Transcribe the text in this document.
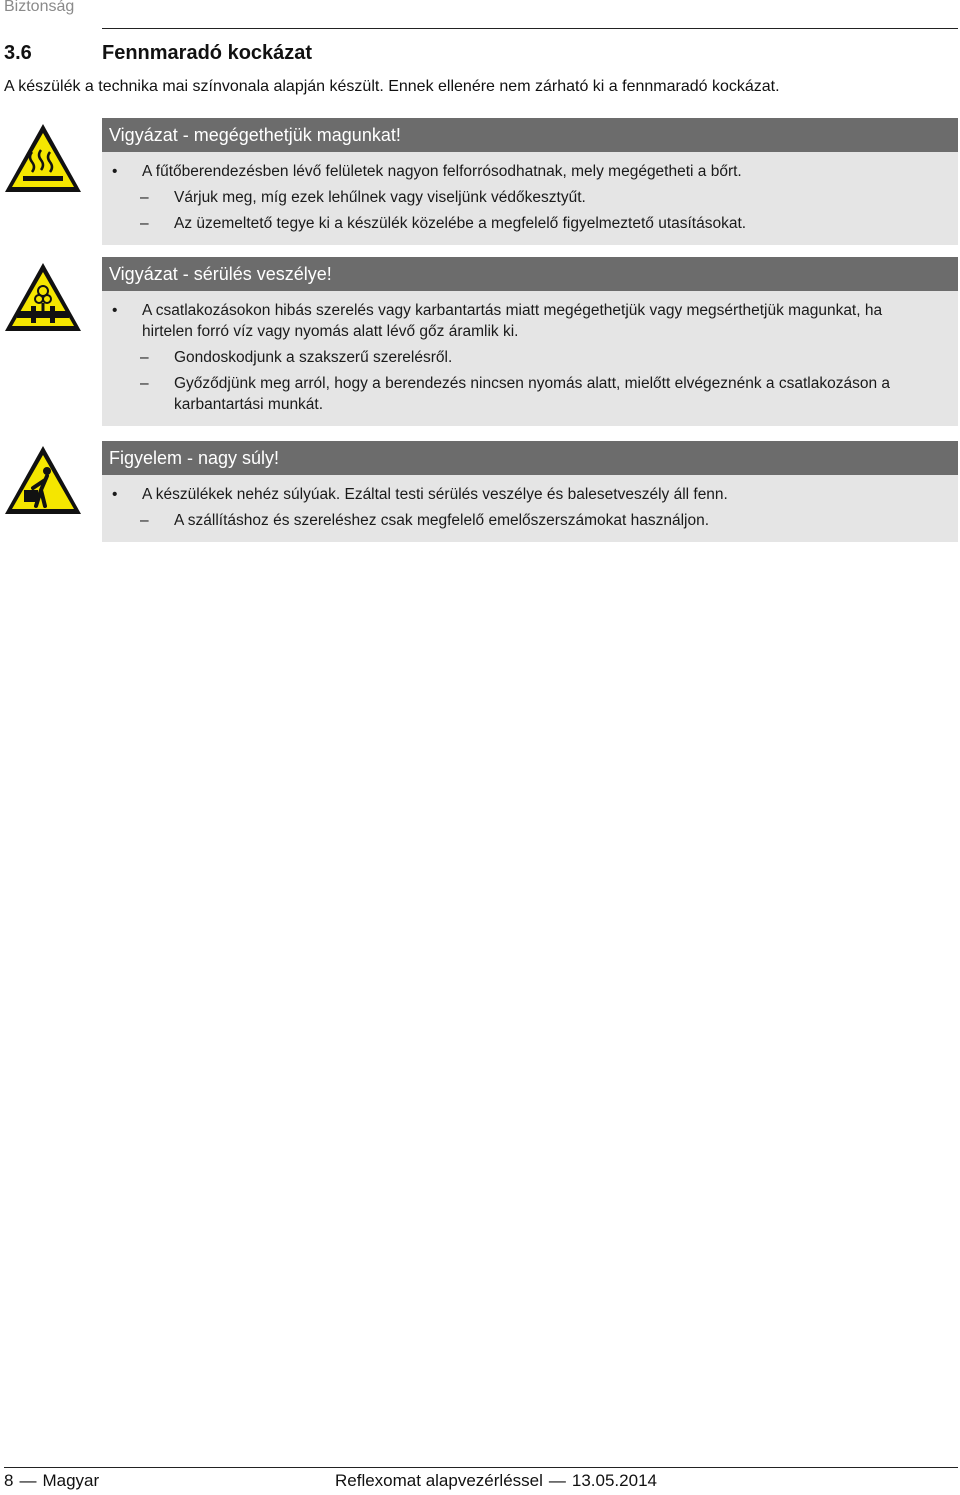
Biztonság
3.6	Fennmaradó kockázat
A készülék a technika mai színvonala alapján készült. Ennek ellenére nem zárható ki a fennmaradó kockázat.
Vigyázat - megégethetjük magunkat!
• A fűtőberendezésben lévő felületek nagyon felforrósodhatnak, mely megégetheti a bőrt.
– Várjuk meg, míg ezek lehűlnek vagy viseljünk védőkesztyűt.
– Az üzemeltető tegye ki a készülék közelébe a megfelelő figyelmeztető utasításokat.
Vigyázat - sérülés veszélye!
• A csatlakozásokon hibás szerelés vagy karbantartás miatt megégethetjük vagy megsérthetjük magunkat, ha hirtelen forró víz vagy nyomás alatt lévő gőz áramlik ki.
– Gondoskodjunk a szakszerű szerelésről.
– Győződjünk meg arról, hogy a berendezés nincsen nyomás alatt, mielőtt elvégeznénk a csatlakozáson a karbantartási munkát.
Figyelem - nagy súly!
• A készülékek nehéz súlyúak. Ezáltal testi sérülés veszélye és balesetveszély áll fenn.
– A szállításhoz és szereléshez csak megfelelő emelőszerszámokat használjon.
8 — Magyar	Reflexomat alapvezérléssel — 13.05.2014
